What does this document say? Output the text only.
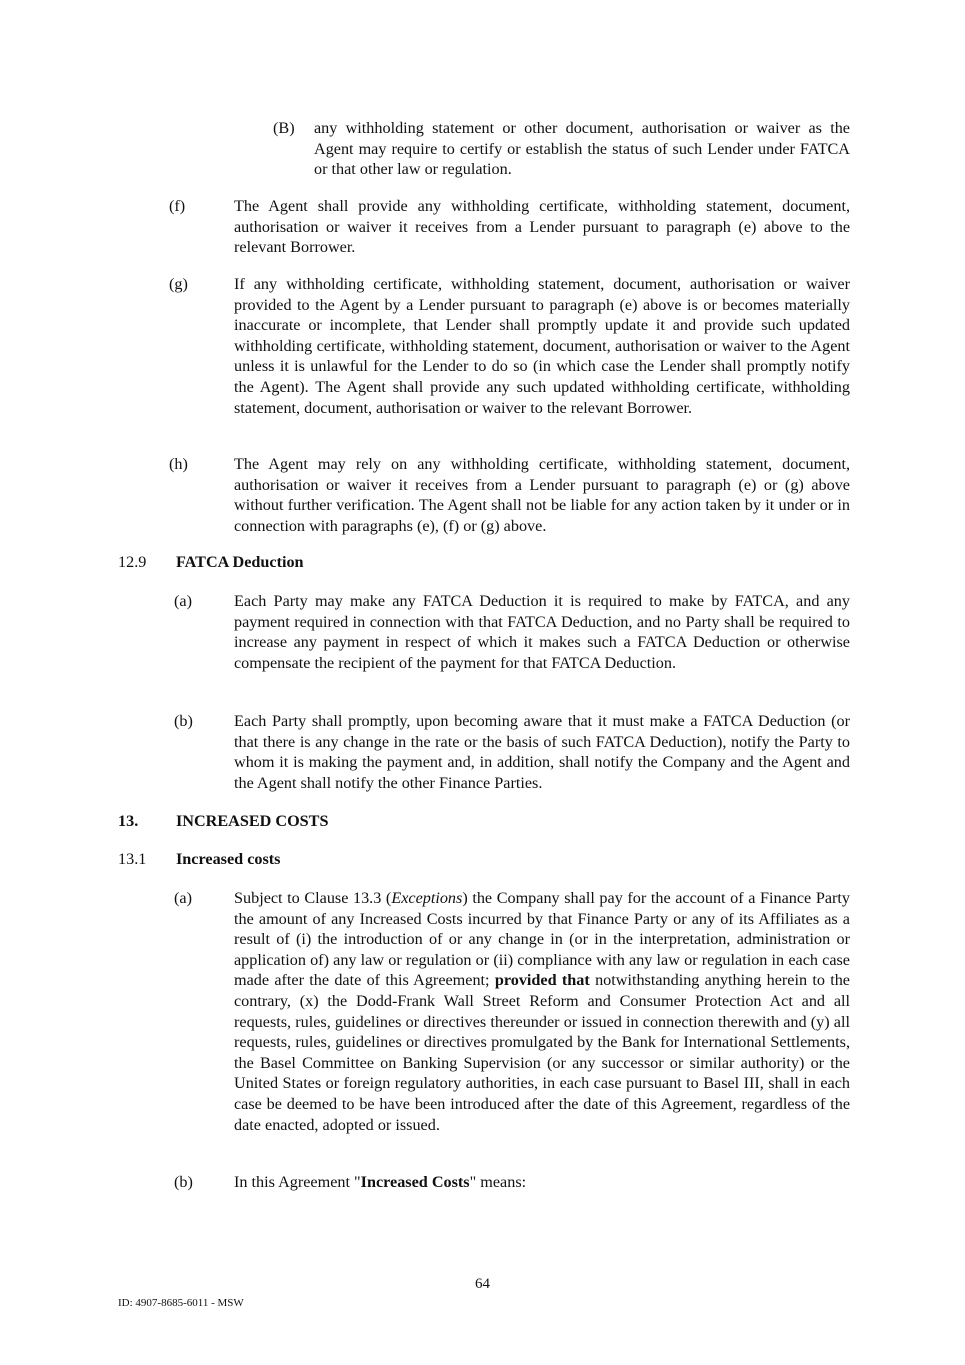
(B) any withholding statement or other document, authorisation or waiver as the Agent may require to certify or establish the status of such Lender under FATCA or that other law or regulation.
(f)	The Agent shall provide any withholding certificate, withholding statement, document, authorisation or waiver it receives from a Lender pursuant to paragraph (e) above to the relevant Borrower.
(g)	If any withholding certificate, withholding statement, document, authorisation or waiver provided to the Agent by a Lender pursuant to paragraph (e) above is or becomes materially inaccurate or incomplete, that Lender shall promptly update it and provide such updated withholding certificate, withholding statement, document, authorisation or waiver to the Agent unless it is unlawful for the Lender to do so (in which case the Lender shall promptly notify the Agent). The Agent shall provide any such updated withholding certificate, withholding statement, document, authorisation or waiver to the relevant Borrower.
(h)	The Agent may rely on any withholding certificate, withholding statement, document, authorisation or waiver it receives from a Lender pursuant to paragraph (e) or (g) above without further verification. The Agent shall not be liable for any action taken by it under or in connection with paragraphs (e), (f) or (g) above.
12.9 FATCA Deduction
(a)	Each Party may make any FATCA Deduction it is required to make by FATCA, and any payment required in connection with that FATCA Deduction, and no Party shall be required to increase any payment in respect of which it makes such a FATCA Deduction or otherwise compensate the recipient of the payment for that FATCA Deduction.
(b)	Each Party shall promptly, upon becoming aware that it must make a FATCA Deduction (or that there is any change in the rate or the basis of such FATCA Deduction), notify the Party to whom it is making the payment and, in addition, shall notify the Company and the Agent and the Agent shall notify the other Finance Parties.
13. INCREASED COSTS
13.1 Increased costs
(a)	Subject to Clause 13.3 (Exceptions) the Company shall pay for the account of a Finance Party the amount of any Increased Costs incurred by that Finance Party or any of its Affiliates as a result of (i) the introduction of or any change in (or in the interpretation, administration or application of) any law or regulation or (ii) compliance with any law or regulation in each case made after the date of this Agreement; provided that notwithstanding anything herein to the contrary, (x) the Dodd-Frank Wall Street Reform and Consumer Protection Act and all requests, rules, guidelines or directives thereunder or issued in connection therewith and (y) all requests, rules, guidelines or directives promulgated by the Bank for International Settlements, the Basel Committee on Banking Supervision (or any successor or similar authority) or the United States or foreign regulatory authorities, in each case pursuant to Basel III, shall in each case be deemed to be have been introduced after the date of this Agreement, regardless of the date enacted, adopted or issued.
(b)	In this Agreement "Increased Costs" means:
64
ID: 4907-8685-6011 - MSW
